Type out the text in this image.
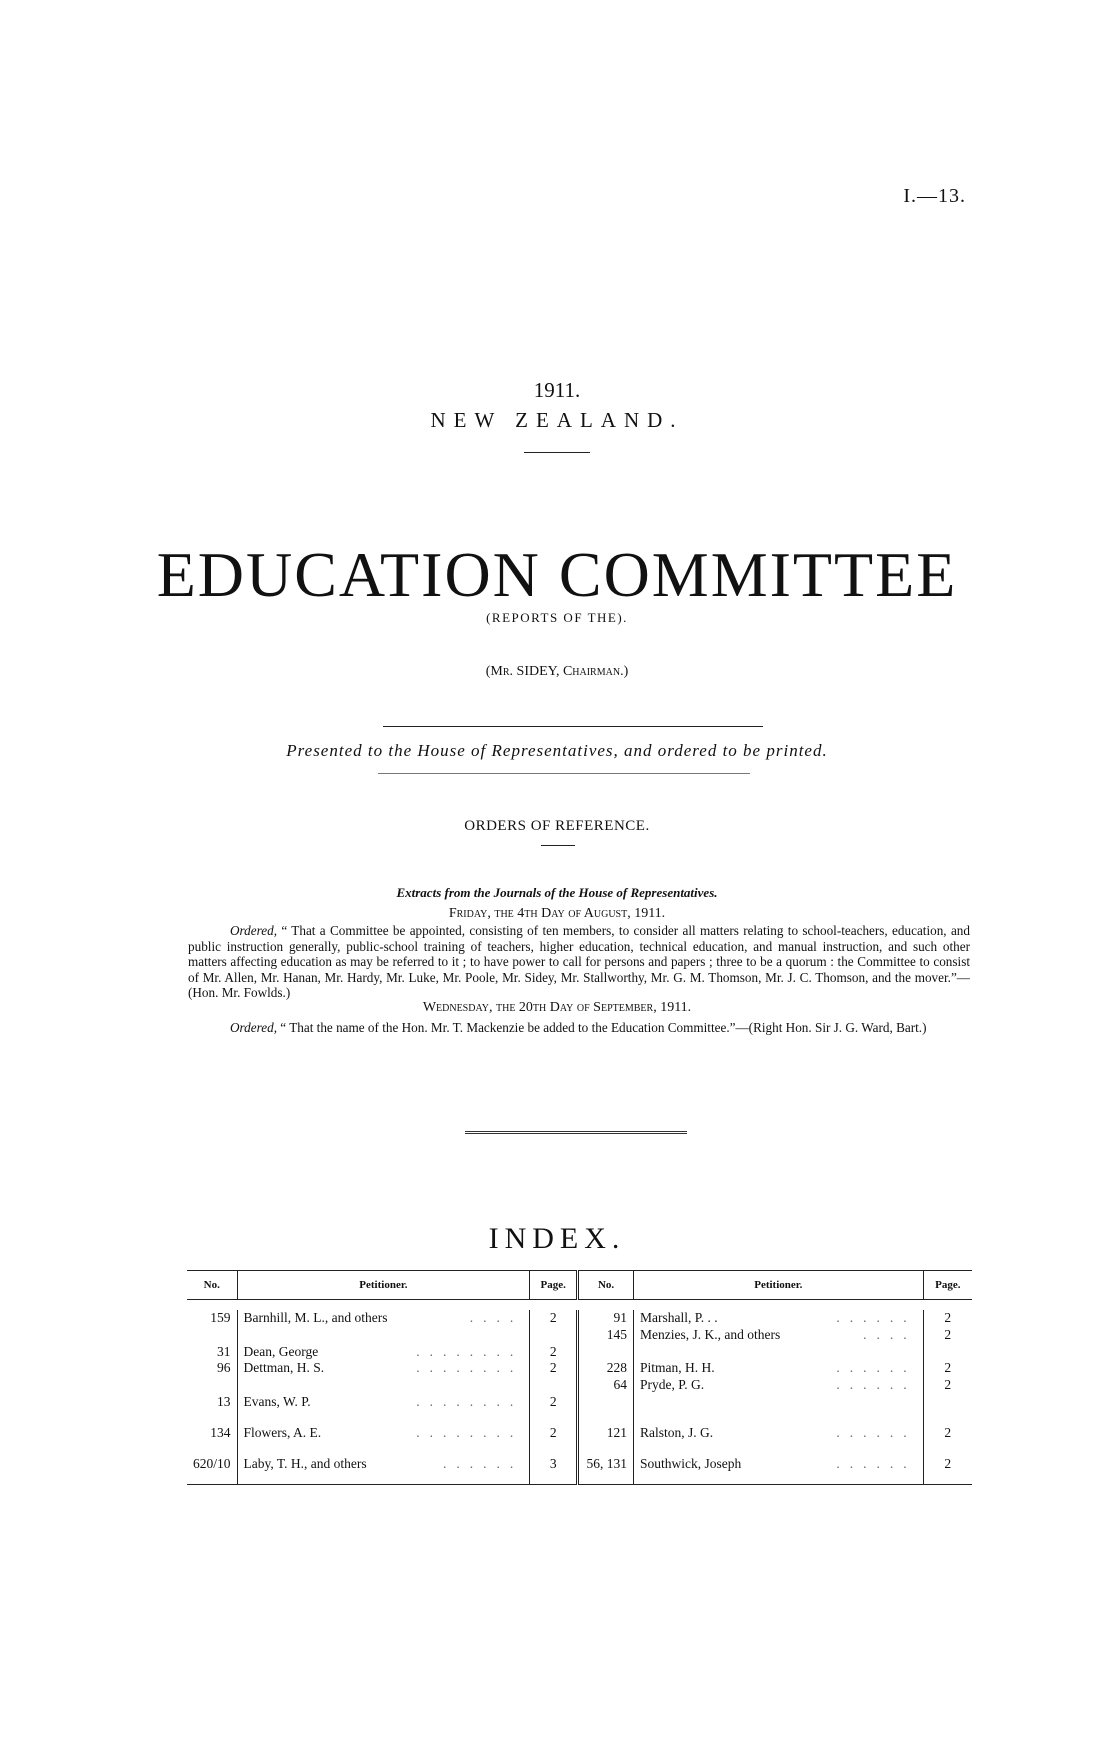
I.—13.
1911.
NEW ZEALAND.
EDUCATION COMMITTEE
(REPORTS OF THE).
(Mr. SIDEY, Chairman.)
Presented to the House of Representatives, and ordered to be printed.
ORDERS OF REFERENCE.
Extracts from the Journals of the House of Representatives.
Friday, the 4th Day of August, 1911.
Ordered, “ That a Committee be appointed, consisting of ten members, to consider all matters relating to school-teachers, education, and public instruction generally, public-school training of teachers, higher education, technical education, and manual instruction, and such other matters affecting education as may be referred to it ; to have power to call for persons and papers ; three to be a quorum : the Committee to consist of Mr. Allen, Mr. Hanan, Mr. Hardy, Mr. Luke, Mr. Poole, Mr. Sidey, Mr. Stallworthy, Mr. G. M. Thomson, Mr. J. C. Thomson, and the mover.”—(Hon. Mr. Fowlds.)
Wednesday, the 20th Day of September, 1911.
Ordered, “ That the name of the Hon. Mr. T. Mackenzie be added to the Education Committee.”—(Right Hon. Sir J. G. Ward, Bart.)
INDEX.
No.	Petitioner.	Page.	No.	Petitioner.	Page.

159	Barnhill, M. L., and others ....	2	91	Marshall, P. . . ......	2
			145	Menzies, J. K., and others ....	2
31	Dean, George ........	2			
96	Dettman, H. S. ........	2	228	Pitman, H. H. ......	2
			64	Pryde, P. G. ......	2
13	Evans, W. P. ........	2			
134	Flowers, A. E. ........	2	121	Ralston, J. G. ......	2
620/10	Laby, T. H., and others ......	3	56, 131	Southwick, Joseph ......	2
